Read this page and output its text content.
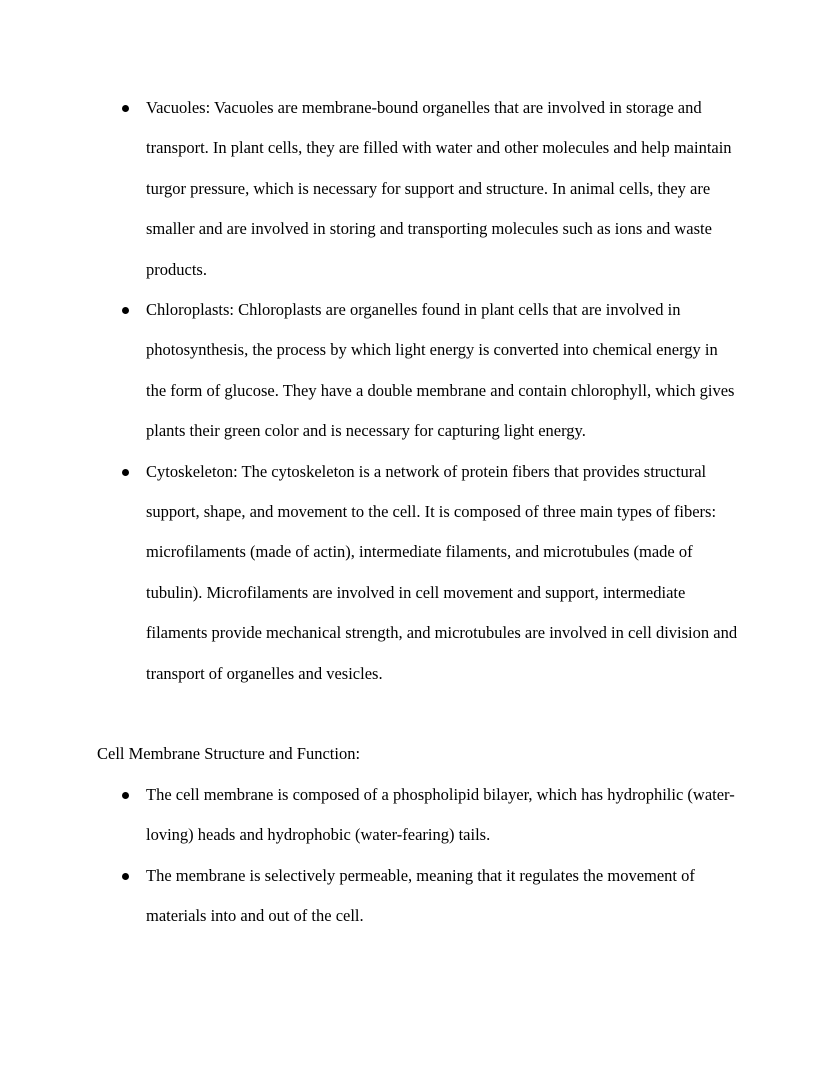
Vacuoles: Vacuoles are membrane-bound organelles that are involved in storage and transport. In plant cells, they are filled with water and other molecules and help maintain turgor pressure, which is necessary for support and structure. In animal cells, they are smaller and are involved in storing and transporting molecules such as ions and waste products.
Chloroplasts: Chloroplasts are organelles found in plant cells that are involved in photosynthesis, the process by which light energy is converted into chemical energy in the form of glucose. They have a double membrane and contain chlorophyll, which gives plants their green color and is necessary for capturing light energy.
Cytoskeleton: The cytoskeleton is a network of protein fibers that provides structural support, shape, and movement to the cell. It is composed of three main types of fibers: microfilaments (made of actin), intermediate filaments, and microtubules (made of tubulin). Microfilaments are involved in cell movement and support, intermediate filaments provide mechanical strength, and microtubules are involved in cell division and transport of organelles and vesicles.

Cell Membrane Structure and Function:

The cell membrane is composed of a phospholipid bilayer, which has hydrophilic (water-loving) heads and hydrophobic (water-fearing) tails.
The membrane is selectively permeable, meaning that it regulates the movement of materials into and out of the cell.
